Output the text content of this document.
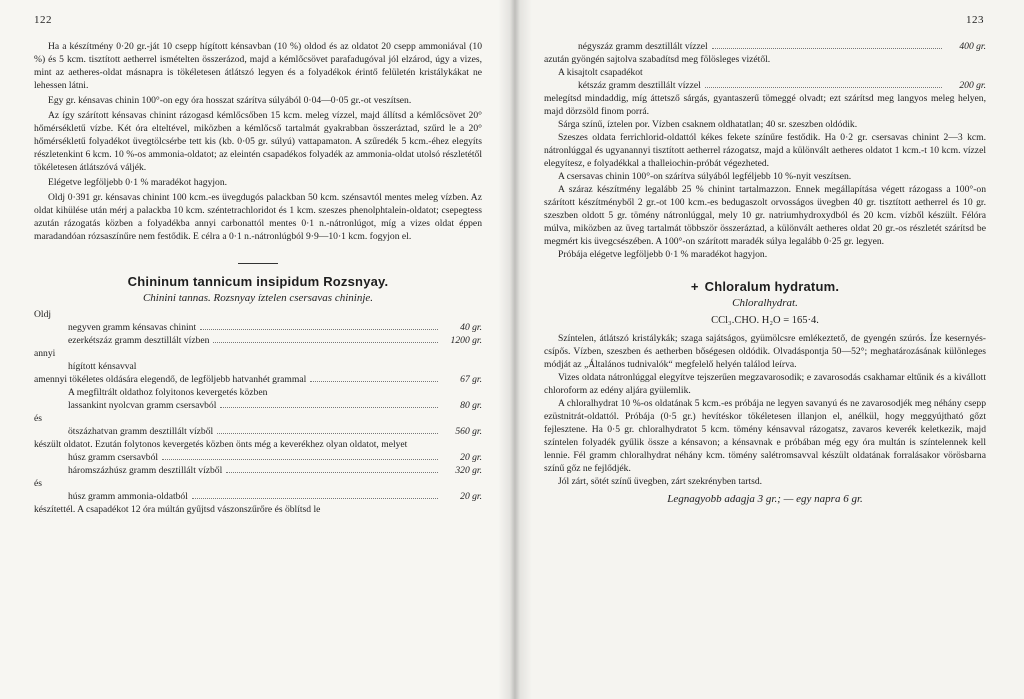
122

Ha a készítmény 0·20 gr.-ját 10 csepp hígított kénsavban (10 %) oldod és az oldatot 20 csepp ammoniával (10 %) és 5 kcm. tisztított aetherrel ismételten összerázod, majd a kémlőcsövet parafadugóval jól elzárod, úgy a vizes, mint az aetheres-oldat másnapra is tökéletesen átlátszó legyen és a folyadékok érintő felületén kristálykákat ne lehessen látni.

Egy gr. kénsavas chinin 100°-on egy óra hosszat szárítva súlyából 0·04—0·05 gr.-ot veszítsen.

Az így szárított kénsavas chinint rázogasd kémlőcsőben 15 kcm. meleg vízzel, majd állítsd a kémlőcsövet 20° hőmérsékletű vízbe. Két óra elteltével, miközben a kémlőcső tartalmát gyakrabban összeráztad, szűrd le a 20° hőmérsékletű folyadékot üvegtölcsérbe tett kis (kb. 0·05 gr. súlyú) vattapamaton. A szűredék 5 kcm.-éhez elegyíts részletenkint 6 kcm. 10 %-os ammonia-oldatot; az eleintén csapadékos folyadék az ammonia-oldat utolsó részletétől tökéletesen átlátszóvá váljék.

Elégetve legföljebb 0·1 % maradékot hagyjon.

Oldj 0·391 gr. kénsavas chinint 100 kcm.-es üvegdugós palackban 50 kcm. szénsavtól mentes meleg vízben. Az oldat kihülése után mérj a palackba 10 kcm. széntetrachloridot és 1 kcm. szeszes phenolphtalein-oldatot; csepegtess azután rázogatás közben a folyadékba annyi carbonattól mentes 0·1 n.-nátronlúgot, míg a vizes oldat éppen maradandóan rózsaszínűre nem festődik. E célra a 0·1 n.-nátronlúgból 9·9—10·1 kcm. fogyjon el.

Chininum tannicum insipidum Rozsnyay.
Chinini tannas. Rozsnyay íztelen csersavas chininje.
Oldj
negyven gramm kénsavas chinint	40 gr.
ezerkétszáz gramm desztillált vízben	1200 gr.
annyi
hígított kénsavval
amennyi tökéletes oldására elegendő, de legföljebb hatvanhét grammal	67 gr.
A megfiltrált oldathoz folyitonos kevergetés közben
lassankint nyolcvan gramm csersavból	80 gr.
és
ötszázhatvan gramm desztillált vízből	560 gr.

készült oldatot. Ezután folytonos kevergetés közben önts még a keverékhez olyan oldatot, melyet

húsz gramm csersavból	20 gr.
háromszázhúsz gramm desztillált vízből	320 gr.
és
húsz gramm ammonia-oldatból	20 gr.

készítettél. A csapadékot 12 óra múltán gyűjtsd vászonszűrőre és öblítsd le

123
négyszáz gramm desztillált vízzel	400 gr.

azután gyöngén sajtolva szabadítsd meg fölösleges vizétől.

A kisajtolt csapadékot

kétszáz gramm desztillált vízzel	200 gr.

melegítsd mindaddig, míg áttetsző sárgás, gyantaszerű tömeggé olvadt; ezt szárítsd meg langyos meleg helyen, majd dörzsöld finom porrá.

Sárga színű, íztelen por. Vízben csaknem oldhatatlan; 40 sr. szeszben oldódik.

Szeszes oldata ferrichlorid-oldattól kékes fekete színűre festődik. Ha 0·2 gr. csersavas chinint 2—3 kcm. nátronlúggal és ugyanannyi tisztított aetherrel rázogatsz, majd a különvált aetheres oldatot 1 kcm.-t 10 kcm. vízzel elegyítesz, e folyadékkal a thalleiochin-próbát végezheted.

A csersavas chinin 100°-on szárítva súlyából legféljebb 10 %-nyit veszítsen.

A száraz készítmény legalább 25 % chinint tartalmazzon. Ennek megállapítása végett rázogass a 100°-on szárított készítményből 2 gr.-ot 100 kcm.-es bedugaszolt orvosságos üvegben 40 gr. tisztított aetherrel és 10 gr. szeszben oldott 5 gr. tömény nátronlúggal, mely 10 gr. natriumhydroxydból és 20 kcm. vízből készült. Félóra múlva, miközben az üveg tartalmát többször összeráztad, a különvált aetheres oldat 20 gr.-os részletét szárítsd be megmért kis üvegcsészében. A 100°-on szárított maradék súlya legalább 0·25 gr. legyen.

Próbája elégetve legföljebb 0·1 % maradékot hagyjon.

+ Chloralum hydratum.
Chloralhydrat.
CCl₃.CHO. H₂O = 165·4.

Színtelen, átlátszó kristálykák; szaga sajátságos, gyümölcsre emlékeztető, de gyengén szúrós. Íze kesernyés-csípős. Vízben, szeszben és aetherben bőségesen oldódik. Olvadáspontja 50—52°; meghatározásának különleges módját az „Általános tudnivalók“ megfelelő helyén találod leírva.

Vizes oldata nátronlúggal elegyítve tejszerűen megzavarosodik; e zavarosodás csakhamar eltűnik és a kivállott chloroform az edény aljára gyülemlik.

A chloralhydrat 10 %-os oldatának 5 kcm.-es próbája ne legyen savanyú és ne zavarosodjék meg néhány csepp ezüstnitrát-oldattól. Próbája (0·5 gr.) hevítéskor tökéletesen illanjon el, anélkül, hogy meggyújtható gőzt fejlesztene. Ha 0·5 gr. chloralhydratot 5 kcm. tömény kénsavval rázogatsz, zavaros keverék keletkezik, majd színtelen folyadék gyűlik össze a kénsavon; a kénsavnak e próbában még egy óra multán is színtelennek kell lennie. Fél gramm chloralhydrat néhány kcm. tömény salétromsavval készült oldatának forralásakor vörösbarna színű gőz ne fejlődjék.

Jól zárt, sötét színű üvegben, zárt szekrényben tartsd.

Legnagyobb adagja 3 gr.; — egy napra 6 gr.
